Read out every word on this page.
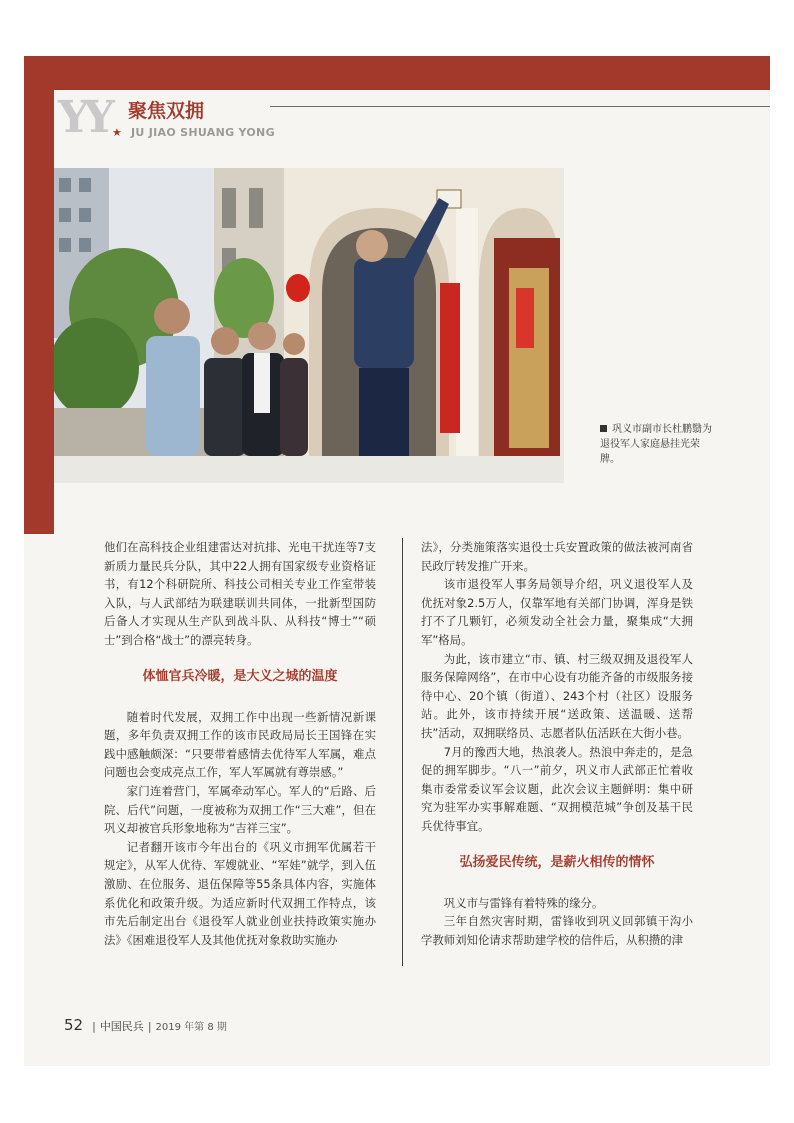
YY	聚焦双拥
★ JU JIAO SHUANG YONG
巩义市副市长杜鹏翳为退役军人家庭悬挂光荣牌。

他们在高科技企业组建雷达对抗排、光电干扰连等7支新质力量民兵分队，其中22人拥有国家级专业资格证书，有12个科研院所、科技公司相关专业工作室带装入队，与人武部结为联建联训共同体，一批新型国防后备人才实现从生产队到战斗队、从科技“博士”“硕士”到合格“战士”的漂亮转身。

体恤官兵冷暖，是大义之城的温度

随着时代发展，双拥工作中出现一些新情况新课题，多年负责双拥工作的该市民政局局长王国锋在实践中感触颇深：“只要带着感情去优待军人军属，难点问题也会变成亮点工作，军人军属就有尊崇感。”

家门连着营门，军属牵动军心。军人的“后路、后院、后代”问题，一度被称为双拥工作“三大难”，但在巩义却被官兵形象地称为“吉祥三宝”。

记者翻开该市今年出台的《巩义市拥军优属若干规定》，从军人优待、军嫂就业、“军娃”就学，到入伍激励、在位服务、退伍保障等55条具体内容，实施体系优化和政策升级。为适应新时代双拥工作特点，该市先后制定出台《退役军人就业创业扶持政策实施办法》《困难退役军人及其他优抚对象救助实施办

法》，分类施策落实退役士兵安置政策的做法被河南省民政厅转发推广开来。

该市退役军人事务局领导介绍，巩义退役军人及优抚对象2.5万人，仅靠军地有关部门协调，浑身是铁打不了几颗钉，必须发动全社会力量，聚集成“大拥军”格局。

为此，该市建立“市、镇、村三级双拥及退役军人服务保障网络”，在市中心设有功能齐备的市级服务接待中心、20个镇（街道）、243个村（社区）设服务站。此外，该市持续开展“送政策、送温暖、送帮扶”活动，双拥联络员、志愿者队伍活跃在大街小巷。

7月的豫西大地，热浪袭人。热浪中奔走的，是急促的拥军脚步。“八一”前夕，巩义市人武部正忙着收集市委常委议军会议题，此次会议主题鲜明：集中研究为驻军办实事解难题、“双拥模范城”争创及基干民兵优待事宜。

弘扬爱民传统，是薪火相传的情怀

巩义市与雷锋有着特殊的缘分。

三年自然灾害时期，雷锋收到巩义回郭镇干沟小学教师刘知伦请求帮助建学校的信件后，从积攒的津

52 | 中国民兵 | 2019 年第 8 期
